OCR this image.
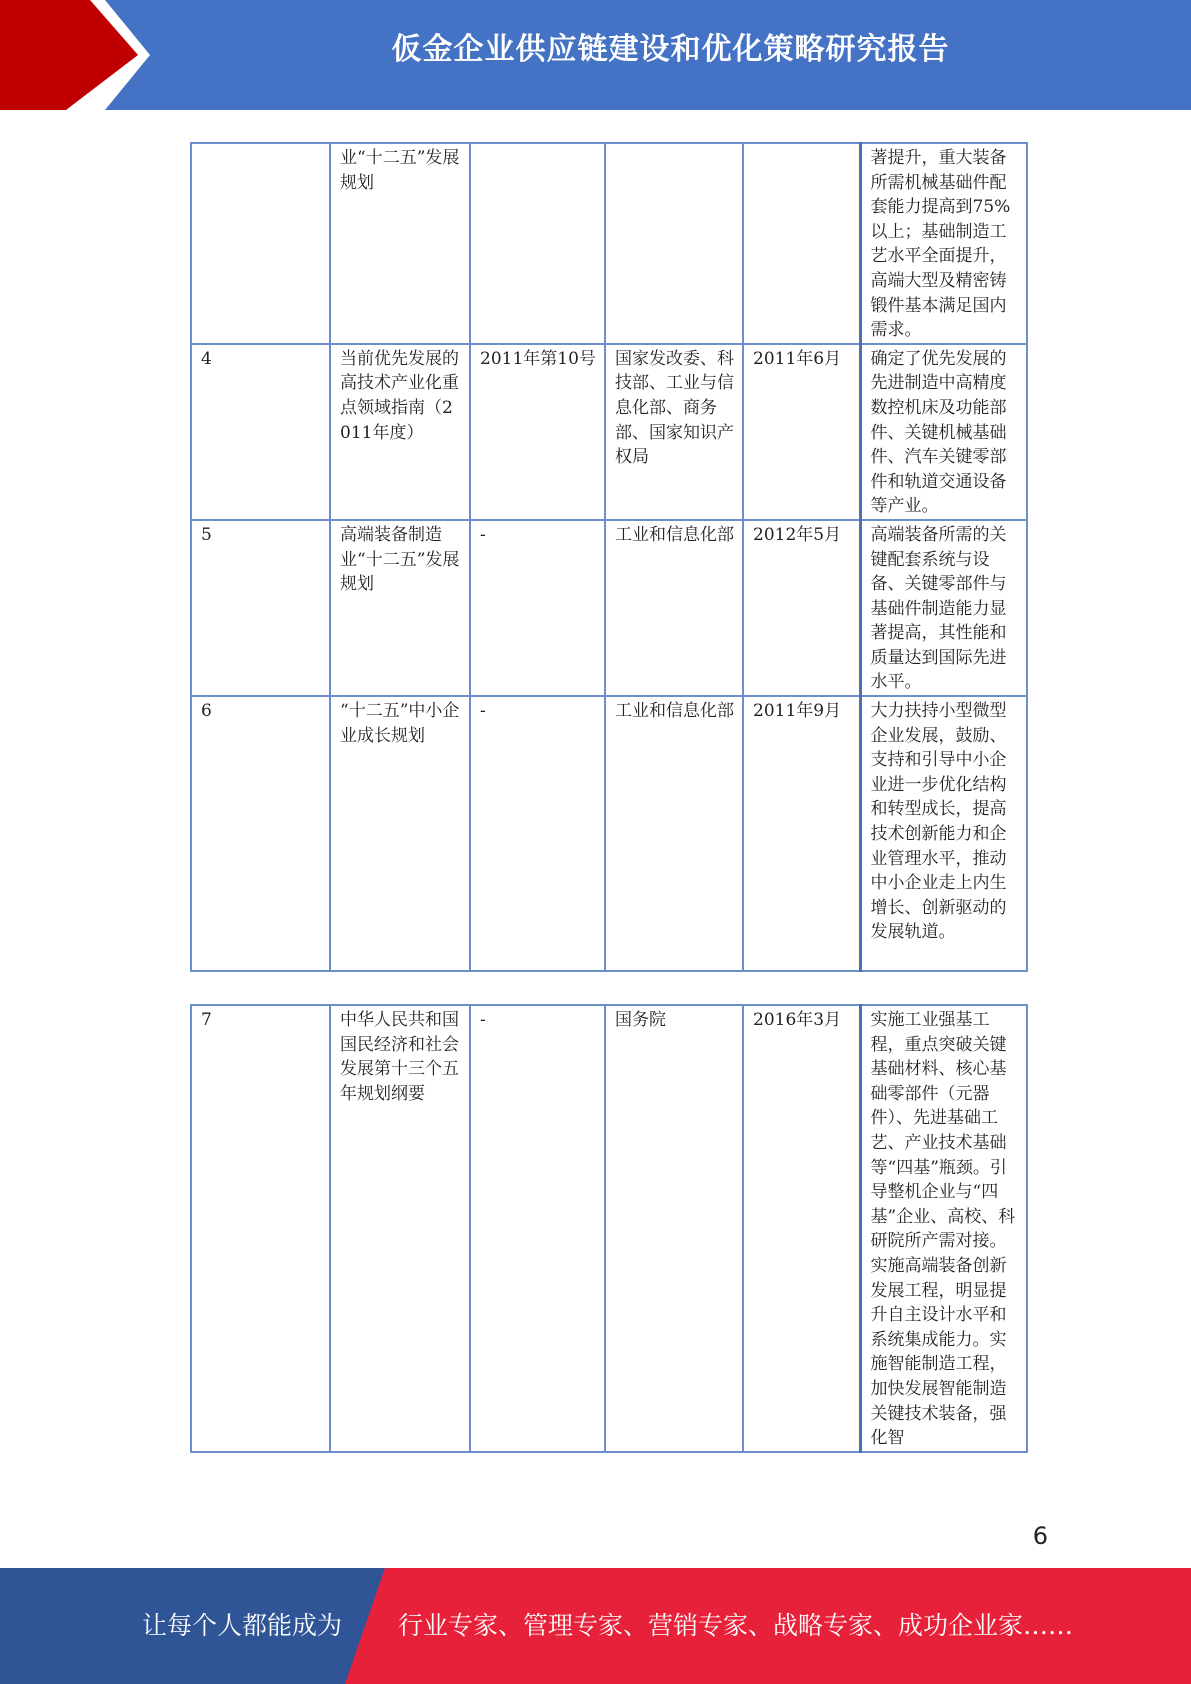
仮金企业供应链建设和优化策略研究报告
	业“十二五”发展规划				著提升，重大装备所需机械基础件配套能力提高到75%以上；基础制造工艺水平全面提升，高端大型及精密铸锻件基本满足国内需求。
4	当前优先发展的高技术产业化重点领域指南（2011年度）	2011年第10号	国家发改委、科技部、工业与信息化部、商务部、国家知识产权局	2011年6月	确定了优先发展的先进制造中高精度数控机床及功能部件、关键机械基础件、汽车关键零部件和轨道交通设备等产业。
5	高端装备制造业“十二五”发展规划	-	工业和信息化部	2012年5月	高端装备所需的关键配套系统与设备、关键零部件与基础件制造能力显著提高，其性能和质量达到国际先进水平。
6	“十二五”中小企业成长规划	-	工业和信息化部	2011年9月	大力扶持小型微型企业发展，鼓励、支持和引导中小企业进一步优化结构和转型成长，提高技术创新能力和企业管理水平，推动中小企业走上内生增长、创新驱动的发展轨道。
7	中华人民共和国国民经济和社会发展第十三个五年规划纲要	-	国务院	2016年3月	实施工业强基工程，重点突破关键基础材料、核心基础零部件（元器件）、先进基础工艺、产业技术基础等“四基”瓶颈。引导整机企业与“四基”企业、高校、科研院所产需对接。实施高端装备创新发展工程，明显提升自主设计水平和系统集成能力。实施智能制造工程，加快发展智能制造关键技术装备，强化智
6
让每个人都能成为 行业专家、管理专家、营销专家、战略专家、成功企业家……
